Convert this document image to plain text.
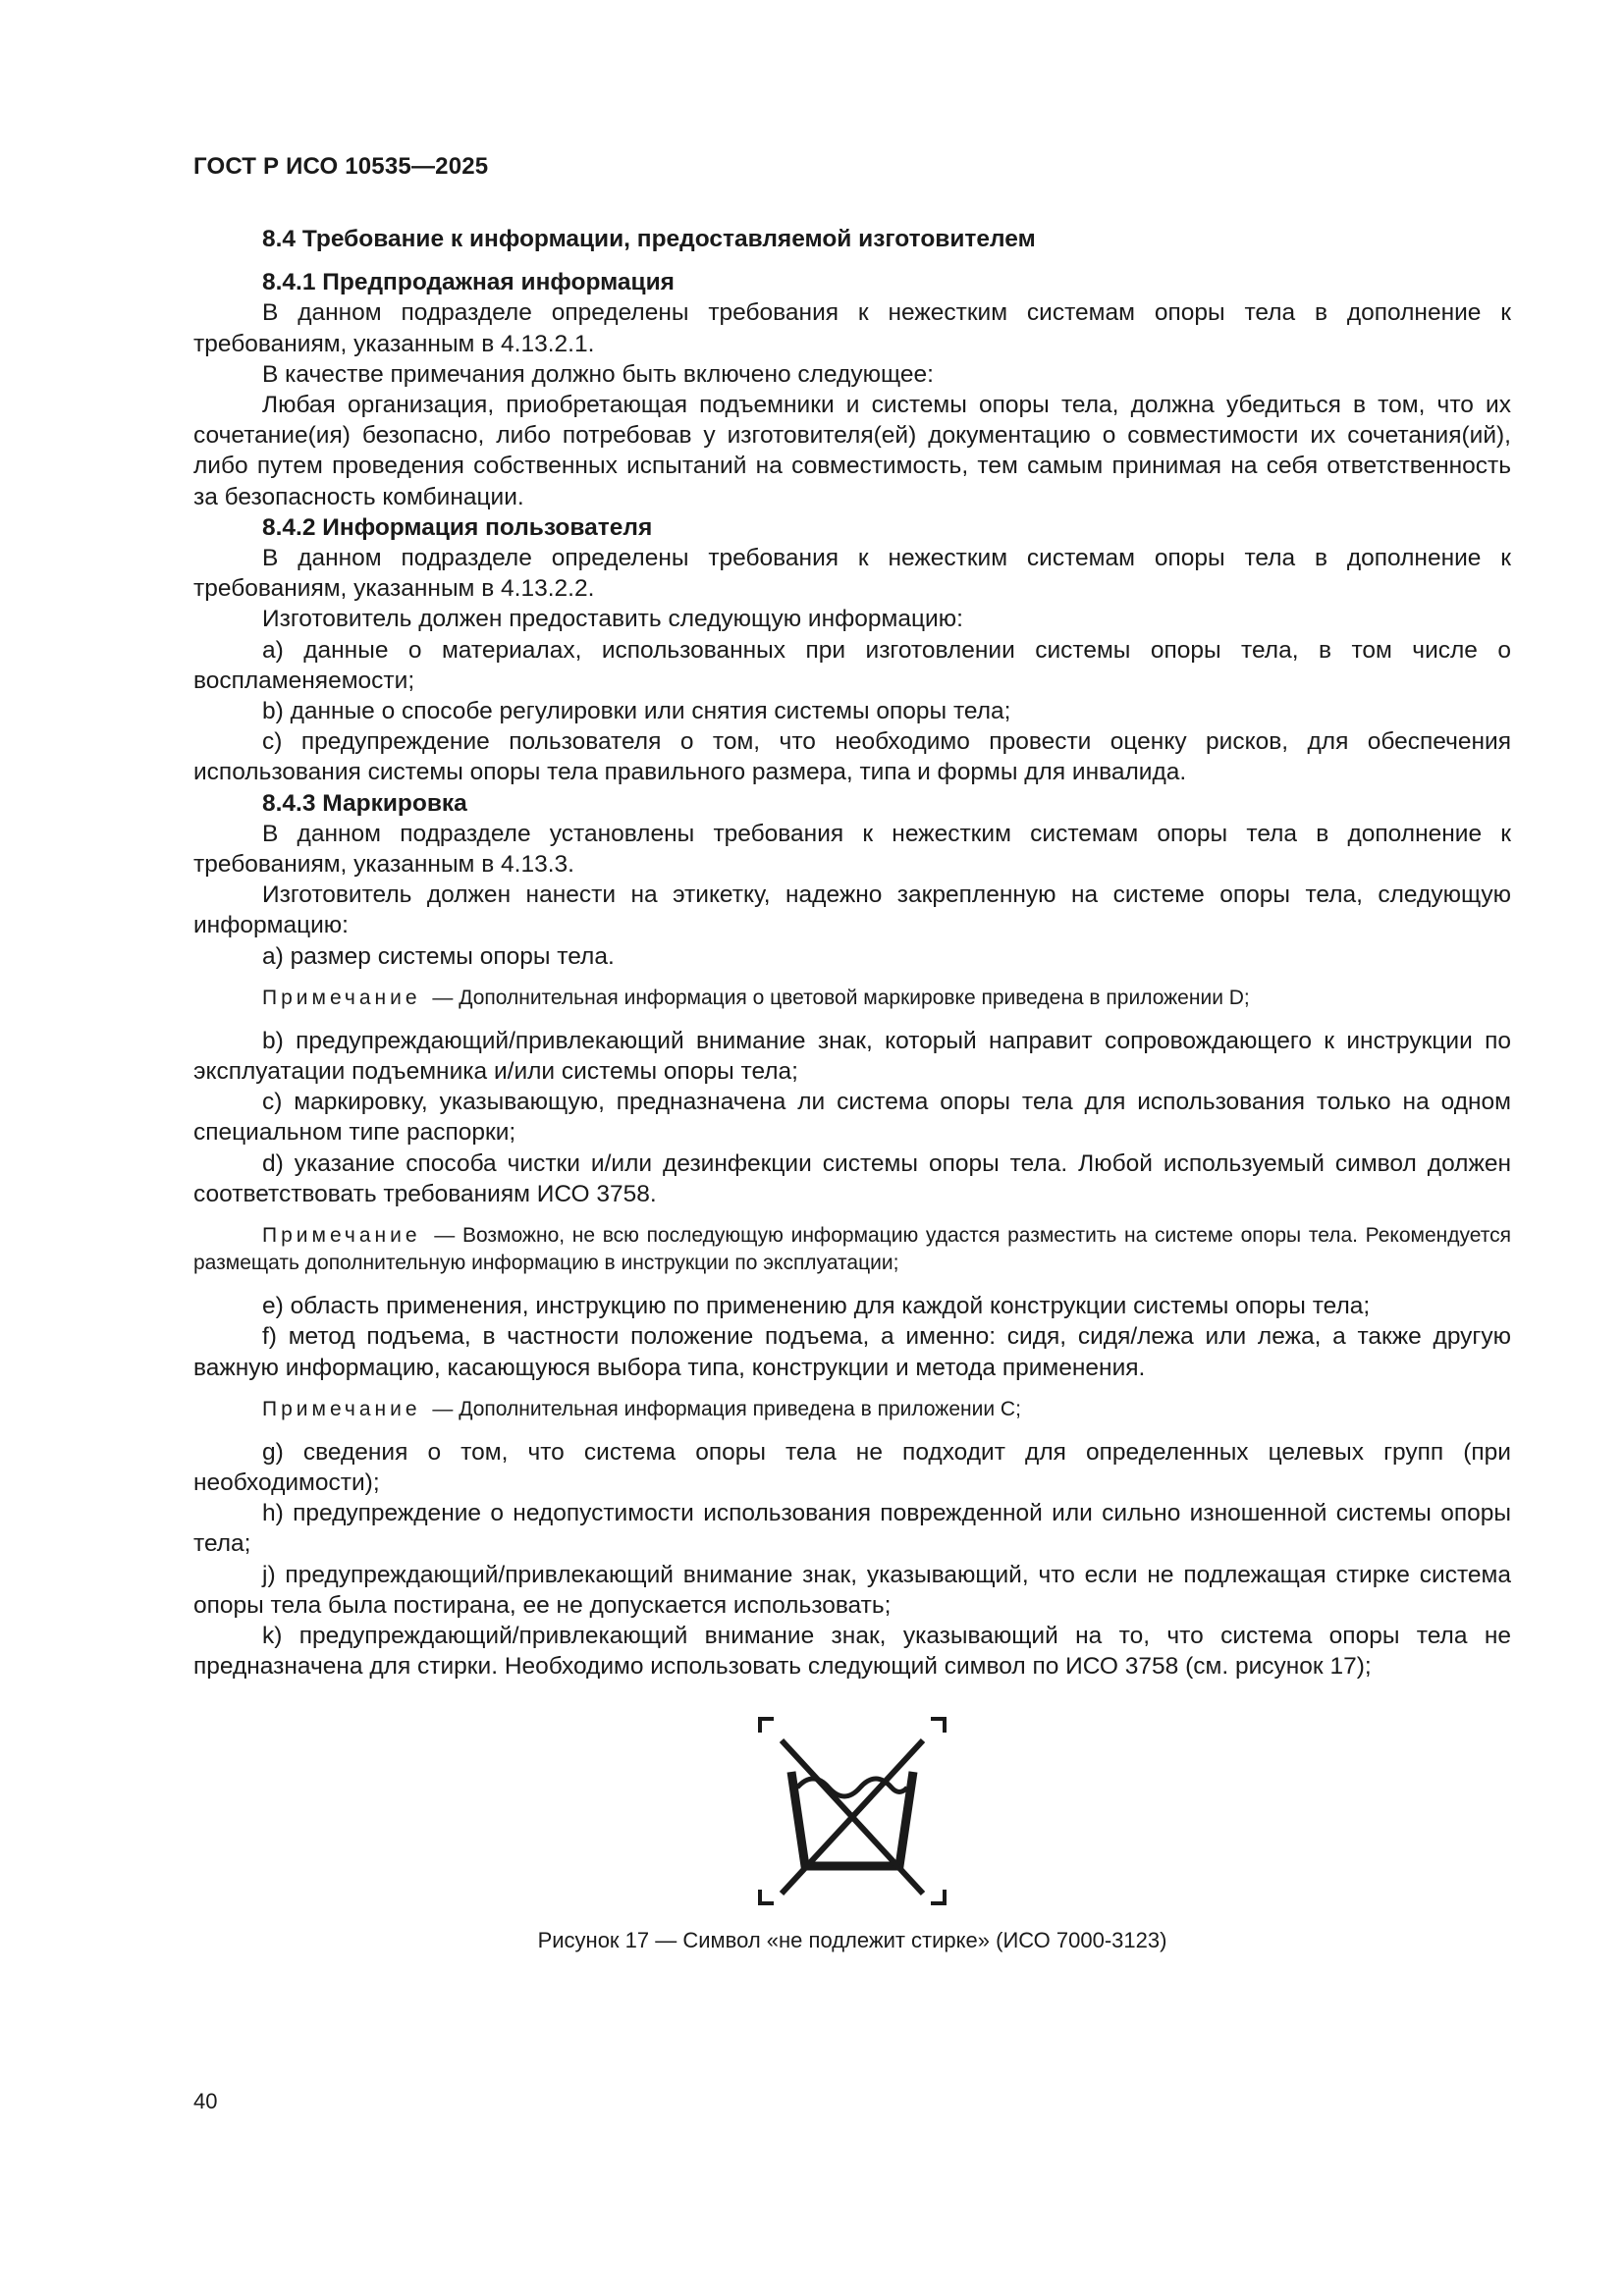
ГОСТ Р ИСО 10535—2025

8.4 Требование к информации, предоставляемой изготовителем

8.4.1 Предпродажная информация

В данном подразделе определены требования к нежестким системам опоры тела в дополнение к требованиям, указанным в 4.13.2.1.

В качестве примечания должно быть включено следующее:

Любая организация, приобретающая подъемники и системы опоры тела, должна убедиться в том, что их сочетание(ия) безопасно, либо потребовав у изготовителя(ей) документацию о совместимости их сочетания(ий), либо путем проведения собственных испытаний на совместимость, тем самым принимая на себя ответственность за безопасность комбинации.

8.4.2 Информация пользователя

В данном подразделе определены требования к нежестким системам опоры тела в дополнение к требованиям, указанным в 4.13.2.2.

Изготовитель должен предоставить следующую информацию:

a) данные о материалах, использованных при изготовлении системы опоры тела, в том числе о воспламеняемости;

b) данные о способе регулировки или снятия системы опоры тела;

c) предупреждение пользователя о том, что необходимо провести оценку рисков, для обеспечения использования системы опоры тела правильного размера, типа и формы для инвалида.

8.4.3 Маркировка

В данном подразделе установлены требования к нежестким системам опоры тела в дополнение к требованиям, указанным в 4.13.3.

Изготовитель должен нанести на этикетку, надежно закрепленную на системе опоры тела, следующую информацию:

a) размер системы опоры тела.

Примечание — Дополнительная информация о цветовой маркировке приведена в приложении D;

b) предупреждающий/привлекающий внимание знак, который направит сопровождающего к инструкции по эксплуатации подъемника и/или системы опоры тела;

c) маркировку, указывающую, предназначена ли система опоры тела для использования только на одном специальном типе распорки;

d) указание способа чистки и/или дезинфекции системы опоры тела. Любой используемый символ должен соответствовать требованиям ИСО 3758.

Примечание — Возможно, не всю последующую информацию удастся разместить на системе опоры тела. Рекомендуется размещать дополнительную информацию в инструкции по эксплуатации;

e) область применения, инструкцию по применению для каждой конструкции системы опоры тела;

f) метод подъема, в частности положение подъема, а именно: сидя, сидя/лежа или лежа, а также другую важную информацию, касающуюся выбора типа, конструкции и метода применения.

Примечание — Дополнительная информация приведена в приложении C;

g) сведения о том, что система опоры тела не подходит для определенных целевых групп (при необходимости);

h) предупреждение о недопустимости использования поврежденной или сильно изношенной системы опоры тела;

j) предупреждающий/привлекающий внимание знак, указывающий, что если не подлежащая стирке система опоры тела была постирана, ее не допускается использовать;

k) предупреждающий/привлекающий внимание знак, указывающий на то, что система опоры тела не предназначена для стирки. Необходимо использовать следующий символ по ИСО 3758 (см. рисунок 17);

Рисунок 17 — Символ «не подлежит стирке» (ИСО 7000-3123)
40
